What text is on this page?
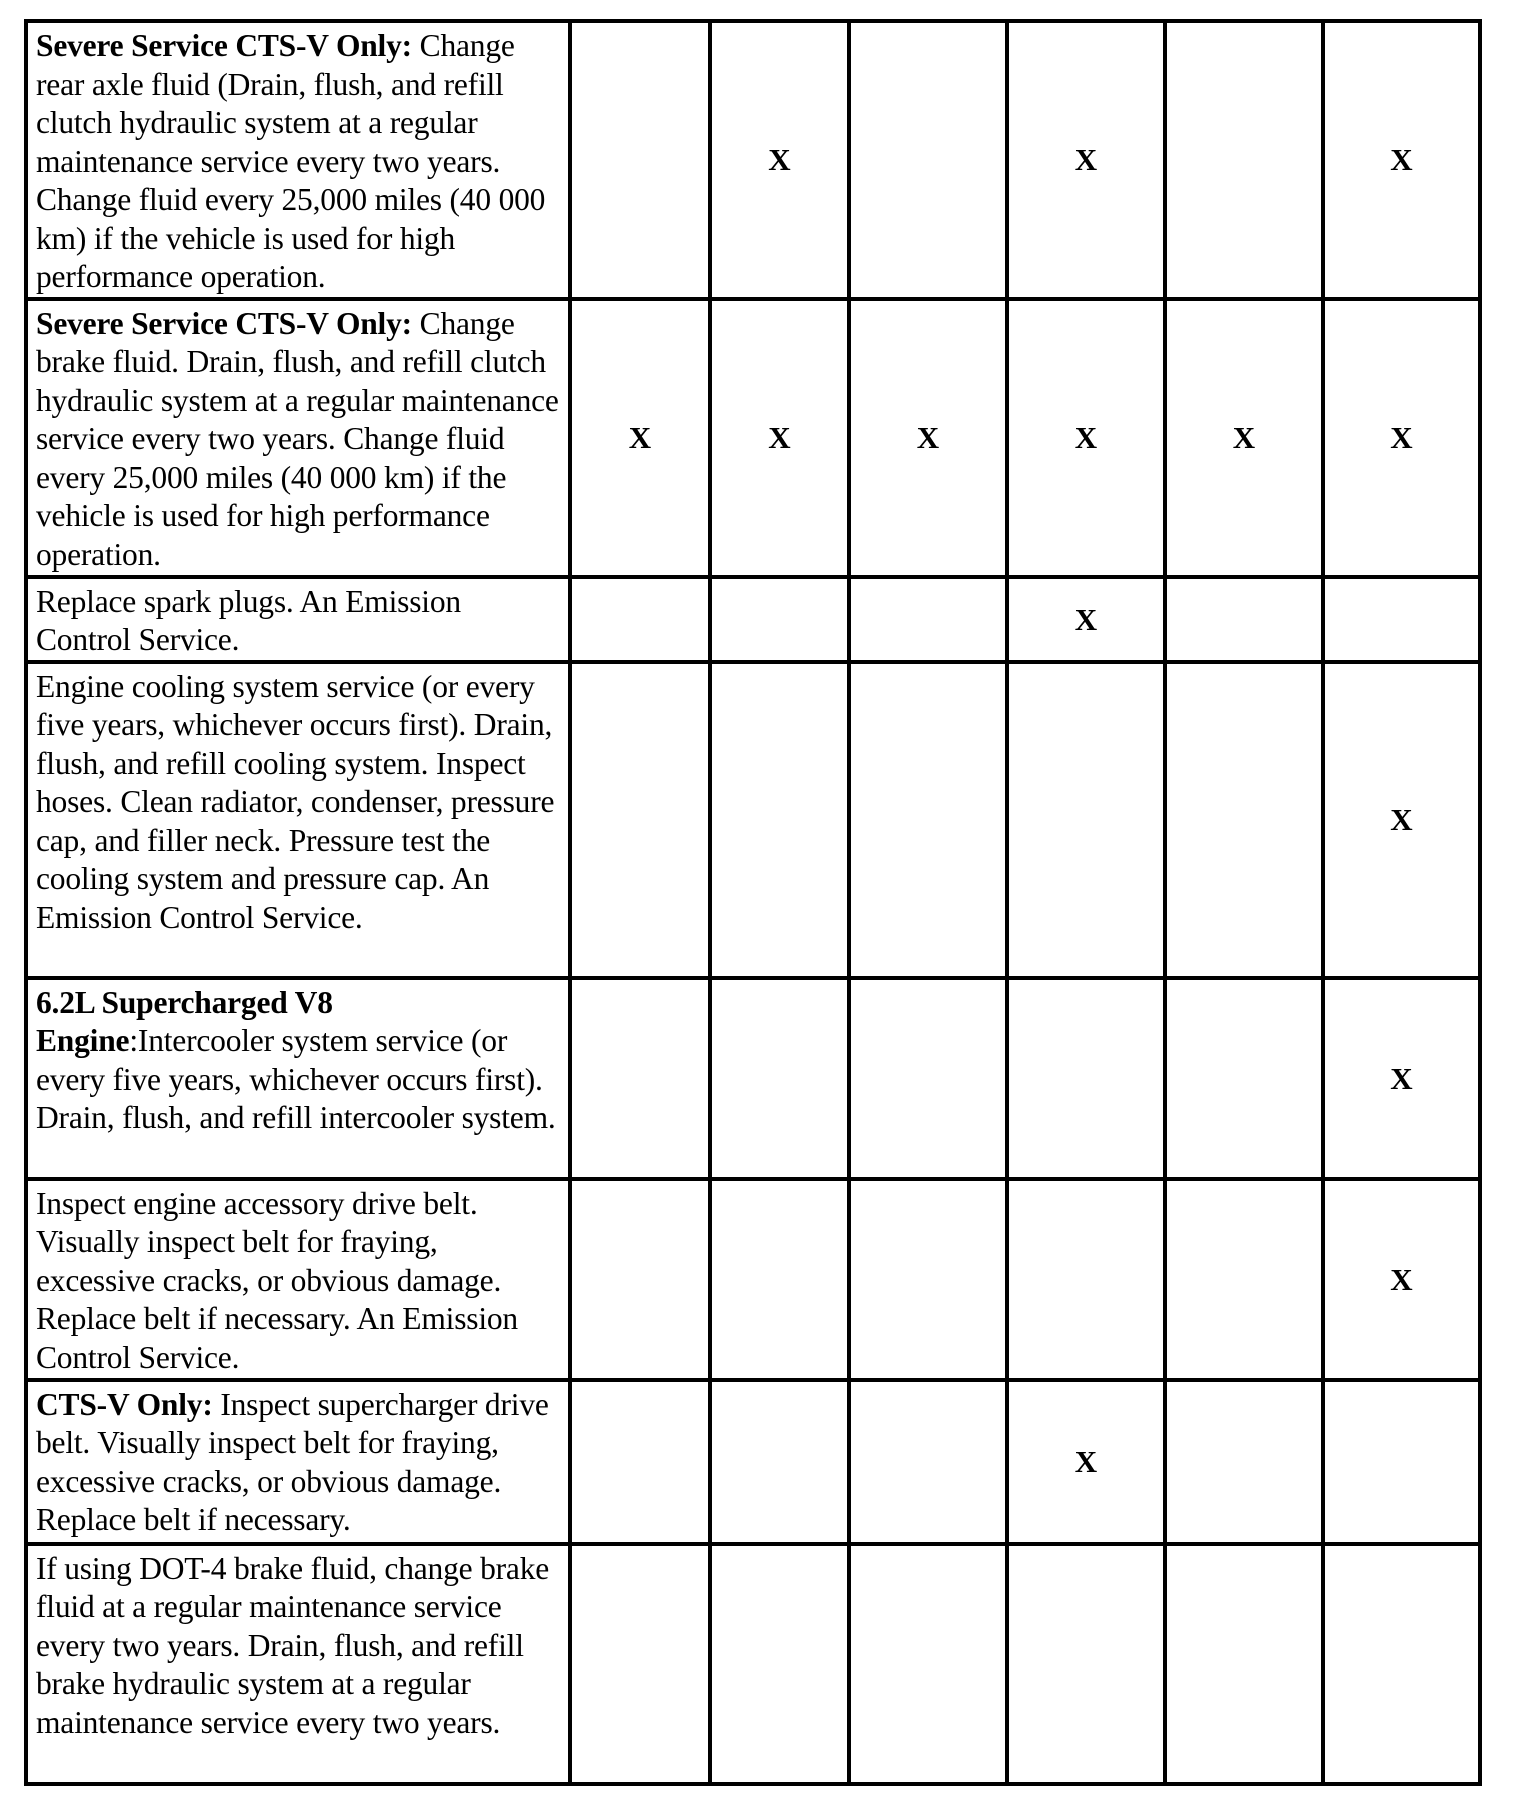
Severe Service CTS-V Only: Change rear axle fluid (Drain, flush, and refill clutch hydraulic system at a regular maintenance service every two years. Change fluid every 25,000 miles (40 000 km) if the vehicle is used for high performance operation.		X		X		X
Severe Service CTS-V Only: Change brake fluid. Drain, flush, and refill clutch hydraulic system at a regular maintenance service every two years. Change fluid every 25,000 miles (40 000 km) if the vehicle is used for high performance operation.	X	X	X	X	X	X
Replace spark plugs. An Emission Control Service.				X		
Engine cooling system service (or every five years, whichever occurs first). Drain, flush, and refill cooling system. Inspect hoses. Clean radiator, condenser, pressure cap, and filler neck. Pressure test the cooling system and pressure cap. An Emission Control Service.						X
6.2L Supercharged V8 Engine:Intercooler system service (or every five years, whichever occurs first). Drain, flush, and refill intercooler system.						X
Inspect engine accessory drive belt. Visually inspect belt for fraying, excessive cracks, or obvious damage. Replace belt if necessary. An Emission Control Service.						X
CTS-V Only: Inspect supercharger drive belt. Visually inspect belt for fraying, excessive cracks, or obvious damage. Replace belt if necessary.				X		
If using DOT-4 brake fluid, change brake fluid at a regular maintenance service every two years. Drain, flush, and refill brake hydraulic system at a regular maintenance service every two years.						
